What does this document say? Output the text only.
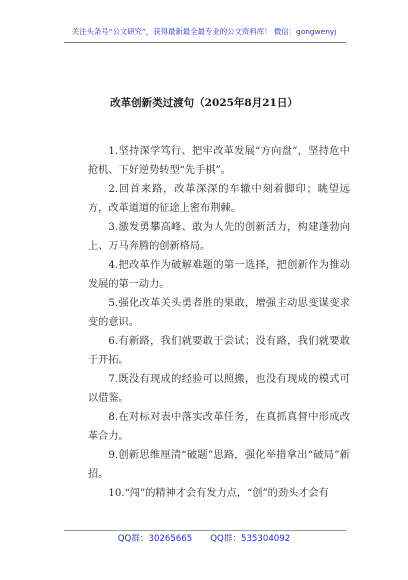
关注头条号“公文研究”，获得最新最全最专业的公文资料库！ 微信：gongwenyj
改革创新类过渡句（2025年8月21日）

1.坚持深学笃行、把牢改革发展“方向盘”，坚持危中抢机、下好逆势转型“先手棋”。

2.回首来路，改革深深的车辙中刻着脚印；眺望远方，改革道道的征途上密布荆棘。

3.激发勇攀高峰、敢为人先的创新活力，构建蓬勃向上、万马奔腾的创新格局。

4.把改革作为破解难题的第一选择，把创新作为推动发展的第一动力。

5.强化改革关头勇者胜的果敢，增强主动思变谋变求变的意识。

6.有新路，我们就要敢于尝试；没有路，我们就要敢于开拓。

7.既没有现成的经验可以照搬，也没有现成的模式可以借鉴。

8.在对标对表中落实改革任务，在真抓真督中形成改革合力。

9.创新思维厘清“破题”思路，强化举措拿出“破局”新招。

10.“闯”的精神才会有发力点，“创”的劲头才会有

QQ群：30265665 QQ群：535304092
